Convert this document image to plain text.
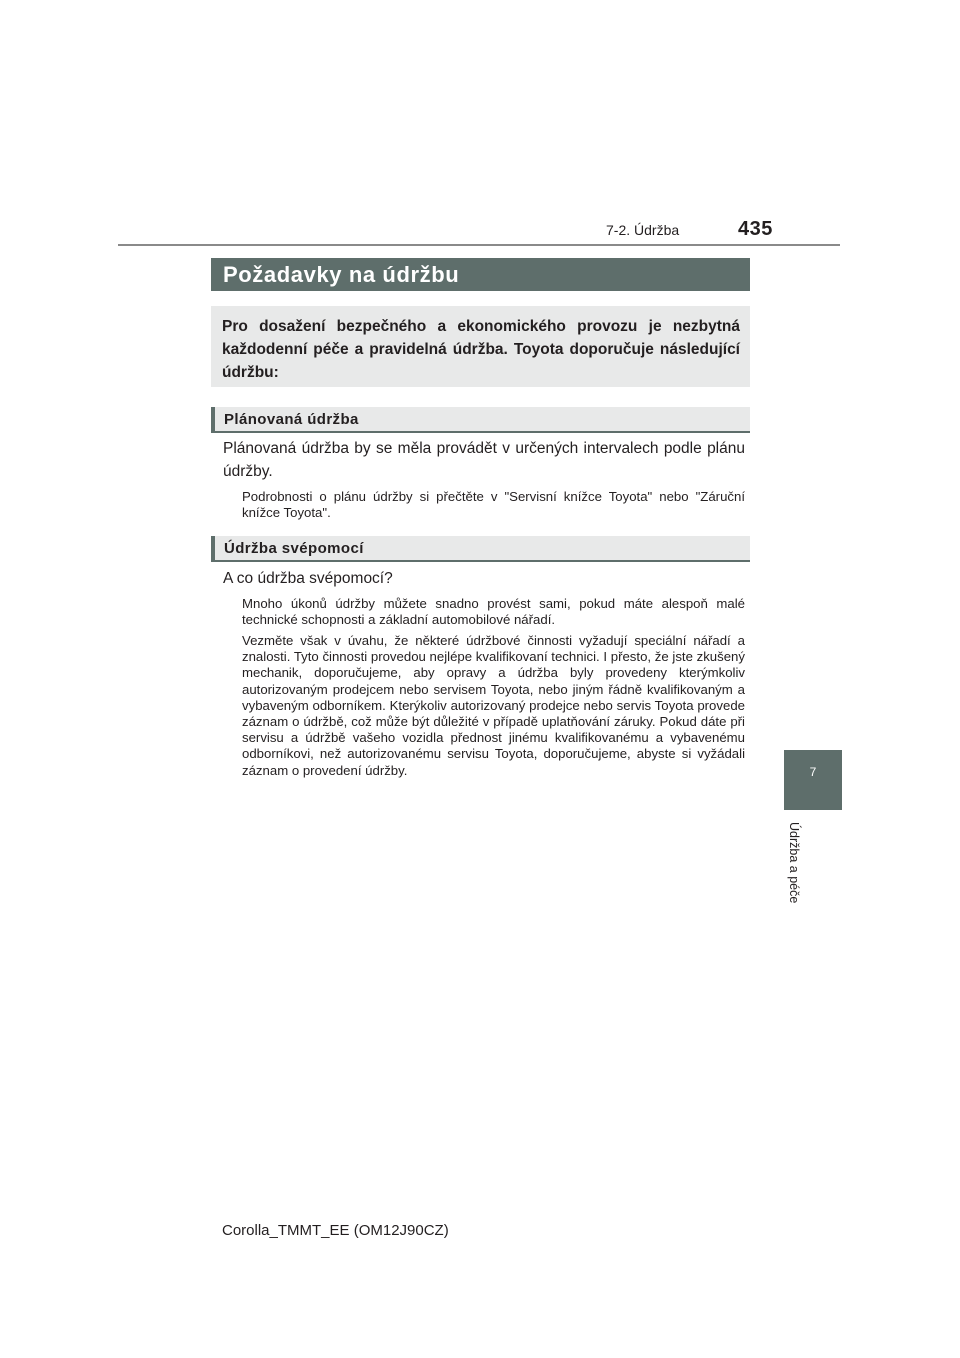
7-2. Údržba	435
Požadavky na údržbu
Pro dosažení bezpečného a ekonomického provozu je nezbytná každodenní péče a pravidelná údržba. Toyota doporučuje následující údržbu:
Plánovaná údržba
Plánovaná údržba by se měla provádět v určených intervalech podle plánu údržby.
Podrobnosti o plánu údržby si přečtěte v "Servisní knížce Toyota" nebo "Záruční knížce Toyota".
Údržba svépomocí
A co údržba svépomocí?
Mnoho úkonů údržby můžete snadno provést sami, pokud máte alespoň malé technické schopnosti a základní automobilové nářadí.
Vezměte však v úvahu, že některé údržbové činnosti vyžadují speciální nářadí a znalosti. Tyto činnosti provedou nejlépe kvalifikovaní technici. I přesto, že jste zkušený mechanik, doporučujeme, aby opravy a údržba byly provedeny kterýmkoliv autorizovaným prodejcem nebo servisem Toyota, nebo jiným řádně kvalifikovaným a vybaveným odborníkem. Kterýkoliv autorizovaný prodejce nebo servis Toyota provede záznam o údržbě, což může být důležité v případě uplatňování záruky. Pokud dáte při servisu a údržbě vašeho vozidla přednost jinému kvalifikovanému a vybavenému odborníkovi, než autorizovanému servisu Toyota, doporučujeme, abyste si vyžádali záznam o provedení údržby.	7
Údržba a péče
Corolla_TMMT_EE (OM12J90CZ)
